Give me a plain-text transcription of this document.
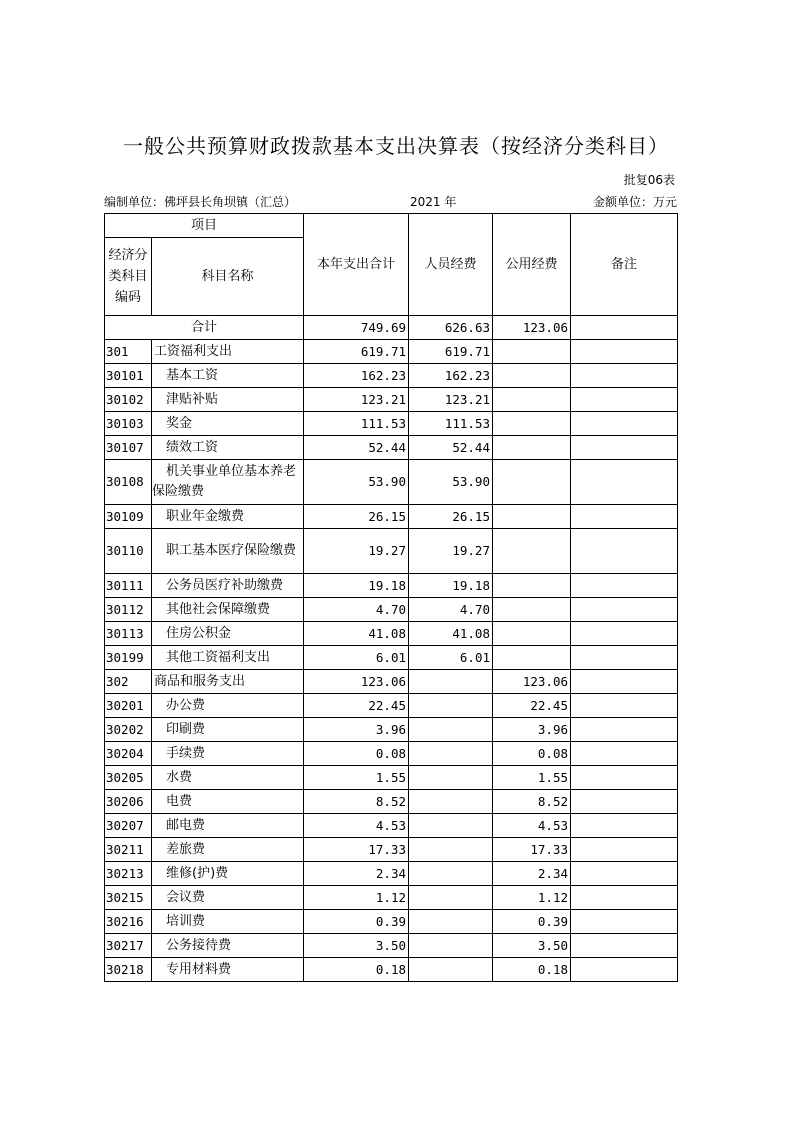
一般公共预算财政拨款基本支出决算表（按经济分类科目）
批复06表
编制单位：佛坪县长角坝镇（汇总）	2021 年	金额单位：万元
项目		本年支出合计	人员经费	公用经费	备注
经济分类科目编码	科目名称				
合计		749.69	626.63	123.06	
301	工资福利支出	619.71	619.71		
30101	基本工资	162.23	162.23		
30102	津贴补贴	123.21	123.21		
30103	奖金	111.53	111.53		
30107	绩效工资	52.44	52.44		
30108	机关事业单位基本养老保险缴费	53.90	53.90		
30109	职业年金缴费	26.15	26.15		
30110	职工基本医疗保险缴费	19.27	19.27		
30111	公务员医疗补助缴费	19.18	19.18		
30112	其他社会保障缴费	4.70	4.70		
30113	住房公积金	41.08	41.08		
30199	其他工资福利支出	6.01	6.01		
302	商品和服务支出	123.06		123.06	
30201	办公费	22.45		22.45	
30202	印刷费	3.96		3.96	
30204	手续费	0.08		0.08	
30205	水费	1.55		1.55	
30206	电费	8.52		8.52	
30207	邮电费	4.53		4.53	
30211	差旅费	17.33		17.33	
30213	维修(护)费	2.34		2.34	
30215	会议费	1.12		1.12	
30216	培训费	0.39		0.39	
30217	公务接待费	3.50		3.50	
30218	专用材料费	0.18		0.18	
